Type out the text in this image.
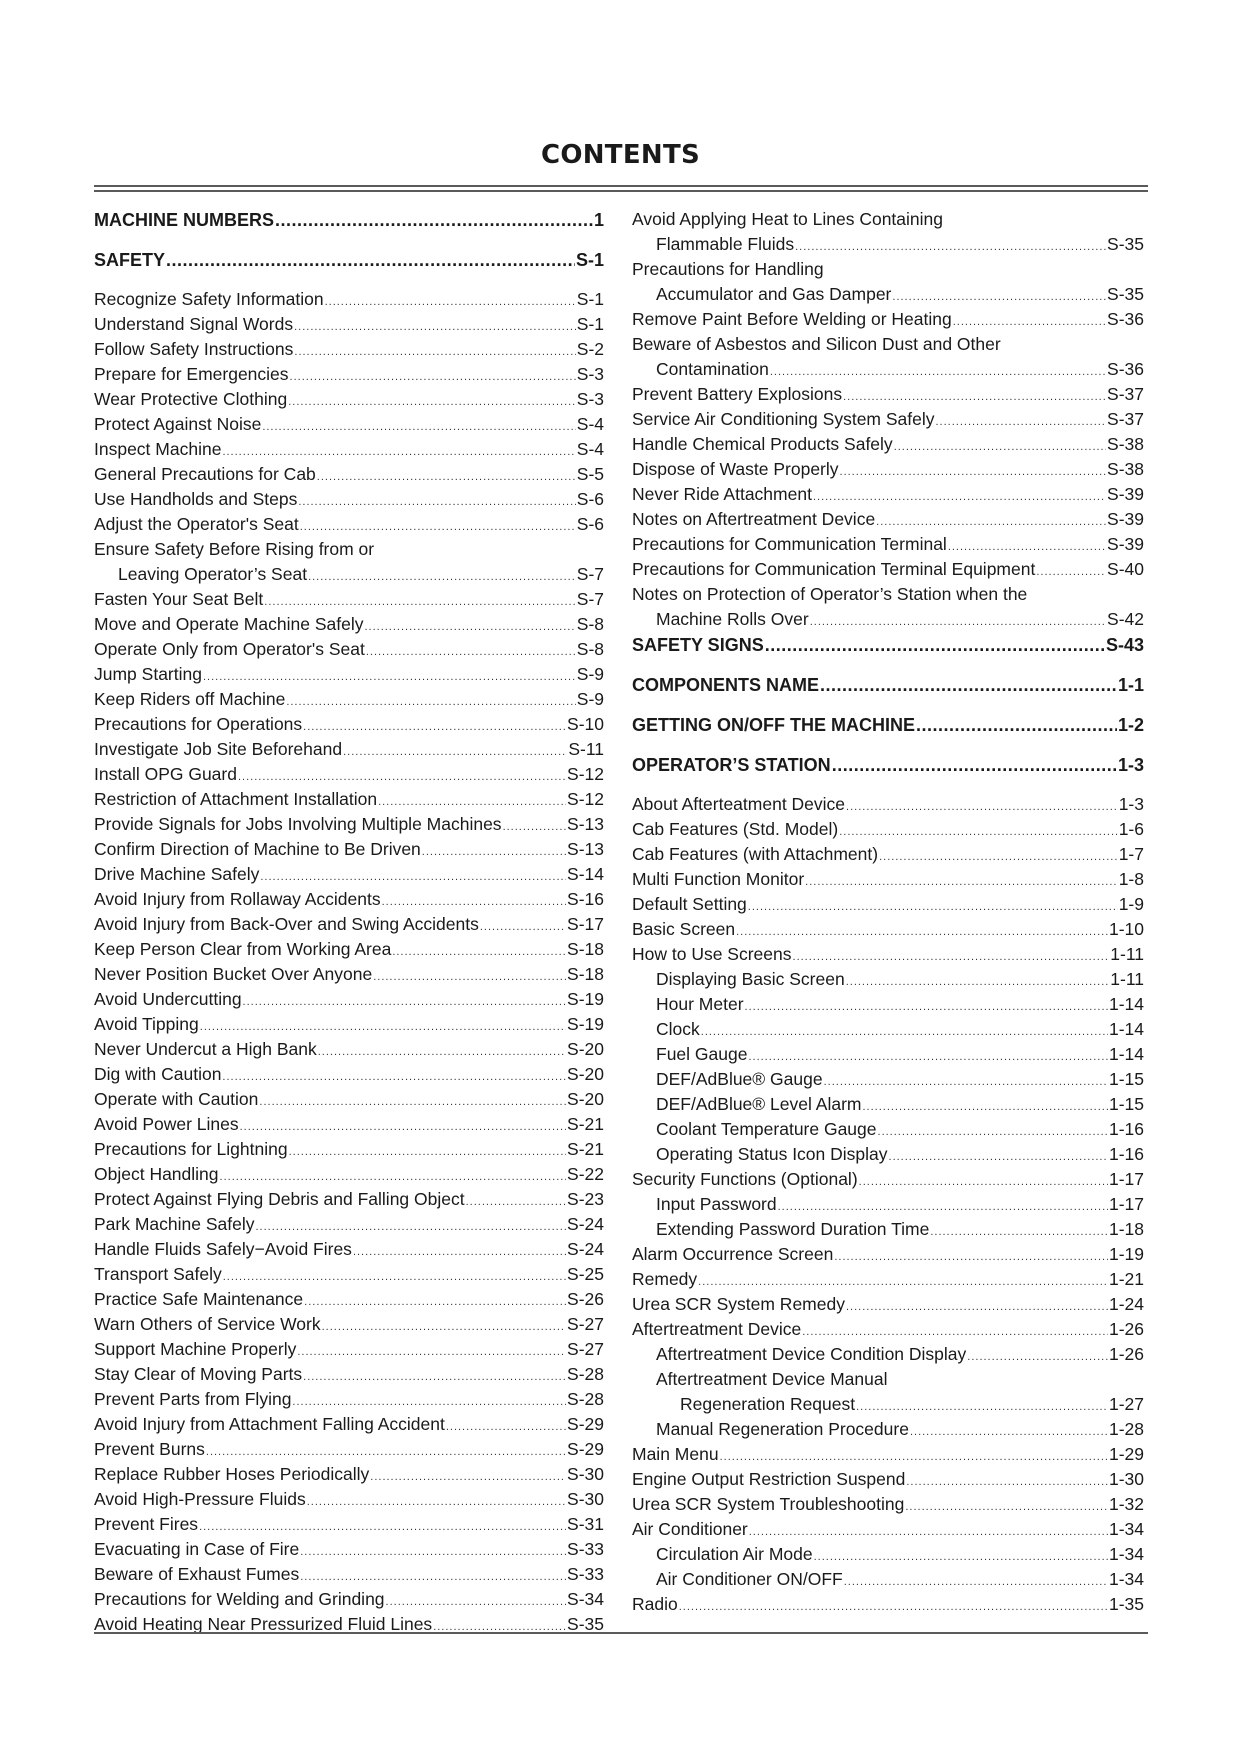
CONTENTS
MACHINE NUMBERS .....	1
SAFETY .....	S-1
Recognize Safety Information .....	S-1
Understand Signal Words .....	S-1
Follow Safety Instructions .....	S-2
Prepare for Emergencies .....	S-3
Wear Protective Clothing .....	S-3
Protect Against Noise .....	S-4
Inspect Machine .....	S-4
General Precautions for Cab .....	S-5
Use Handholds and Steps .....	S-6
Adjust the Operator's Seat .....	S-6
Ensure Safety Before Rising from or
Leaving Operator’s Seat .....	S-7
Fasten Your Seat Belt .....	S-7
Move and Operate Machine Safely .....	S-8
Operate Only from Operator's Seat .....	S-8
Jump Starting .....	S-9
Keep Riders off Machine .....	S-9
Precautions for Operations .....	S-10
Investigate Job Site Beforehand .....	S-11
Install OPG Guard .....	S-12
Restriction of Attachment Installation .....	S-12
Provide Signals for Jobs Involving Multiple Machines .....	S-13
Confirm Direction of Machine to Be Driven .....	S-13
Drive Machine Safely .....	S-14
Avoid Injury from Rollaway Accidents .....	S-16
Avoid Injury from Back-Over and Swing Accidents .....	S-17
Keep Person Clear from Working Area .....	S-18
Never Position Bucket Over Anyone .....	S-18
Avoid Undercutting .....	S-19
Avoid Tipping .....	S-19
Never Undercut a High Bank .....	S-20
Dig with Caution .....	S-20
Operate with Caution .....	S-20
Avoid Power Lines .....	S-21
Precautions for Lightning .....	S-21
Object Handling .....	S-22
Protect Against Flying Debris and Falling Object .....	S-23
Park Machine Safely .....	S-24
Handle Fluids Safely−Avoid Fires .....	S-24
Transport Safely .....	S-25
Practice Safe Maintenance .....	S-26
Warn Others of Service Work .....	S-27
Support Machine Properly .....	S-27
Stay Clear of Moving Parts .....	S-28
Prevent Parts from Flying .....	S-28
Avoid Injury from Attachment Falling Accident .....	S-29
Prevent Burns .....	S-29
Replace Rubber Hoses Periodically .....	S-30
Avoid High-Pressure Fluids .....	S-30
Prevent Fires .....	S-31
Evacuating in Case of Fire .....	S-33
Beware of Exhaust Fumes .....	S-33
Precautions for Welding and Grinding .....	S-34
Avoid Heating Near Pressurized Fluid Lines .....	S-35
Avoid Applying Heat to Lines Containing
Flammable Fluids .....	S-35
Precautions for Handling
Accumulator and Gas Damper .....	S-35
Remove Paint Before Welding or Heating .....	S-36
Beware of Asbestos and Silicon Dust and Other
Contamination .....	S-36
Prevent Battery Explosions .....	S-37
Service Air Conditioning System Safely .....	S-37
Handle Chemical Products Safely .....	S-38
Dispose of Waste Properly .....	S-38
Never Ride Attachment .....	S-39
Notes on Aftertreatment Device .....	S-39
Precautions for Communication Terminal .....	S-39
Precautions for Communication Terminal Equipment .....	S-40
Notes on Protection of Operator’s Station when the
Machine Rolls Over .....	S-42
SAFETY SIGNS .....	S-43
COMPONENTS NAME .....	1-1
GETTING ON/OFF THE MACHINE .....	1-2
OPERATOR’S STATION .....	1-3
About Afterteatment Device .....	1-3
Cab Features (Std. Model) .....	1-6
Cab Features (with Attachment) .....	1-7
Multi Function Monitor .....	1-8
Default Setting .....	1-9
Basic Screen .....	1-10
How to Use Screens .....	1-11
Displaying Basic Screen .....	1-11
Hour Meter .....	1-14
Clock .....	1-14
Fuel Gauge .....	1-14
DEF/AdBlue® Gauge .....	1-15
DEF/AdBlue® Level Alarm .....	1-15
Coolant Temperature Gauge .....	1-16
Operating Status Icon Display .....	1-16
Security Functions (Optional) .....	1-17
Input Password .....	1-17
Extending Password Duration Time .....	1-18
Alarm Occurrence Screen .....	1-19
Remedy .....	1-21
Urea SCR System Remedy .....	1-24
Aftertreatment Device .....	1-26
Aftertreatment Device Condition Display .....	1-26
Aftertreatment Device Manual
Regeneration Request .....	1-27
Manual Regeneration Procedure .....	1-28
Main Menu .....	1-29
Engine Output Restriction Suspend .....	1-30
Urea SCR System Troubleshooting .....	1-32
Air Conditioner .....	1-34
Circulation Air Mode .....	1-34
Air Conditioner ON/OFF .....	1-34
Radio .....	1-35
